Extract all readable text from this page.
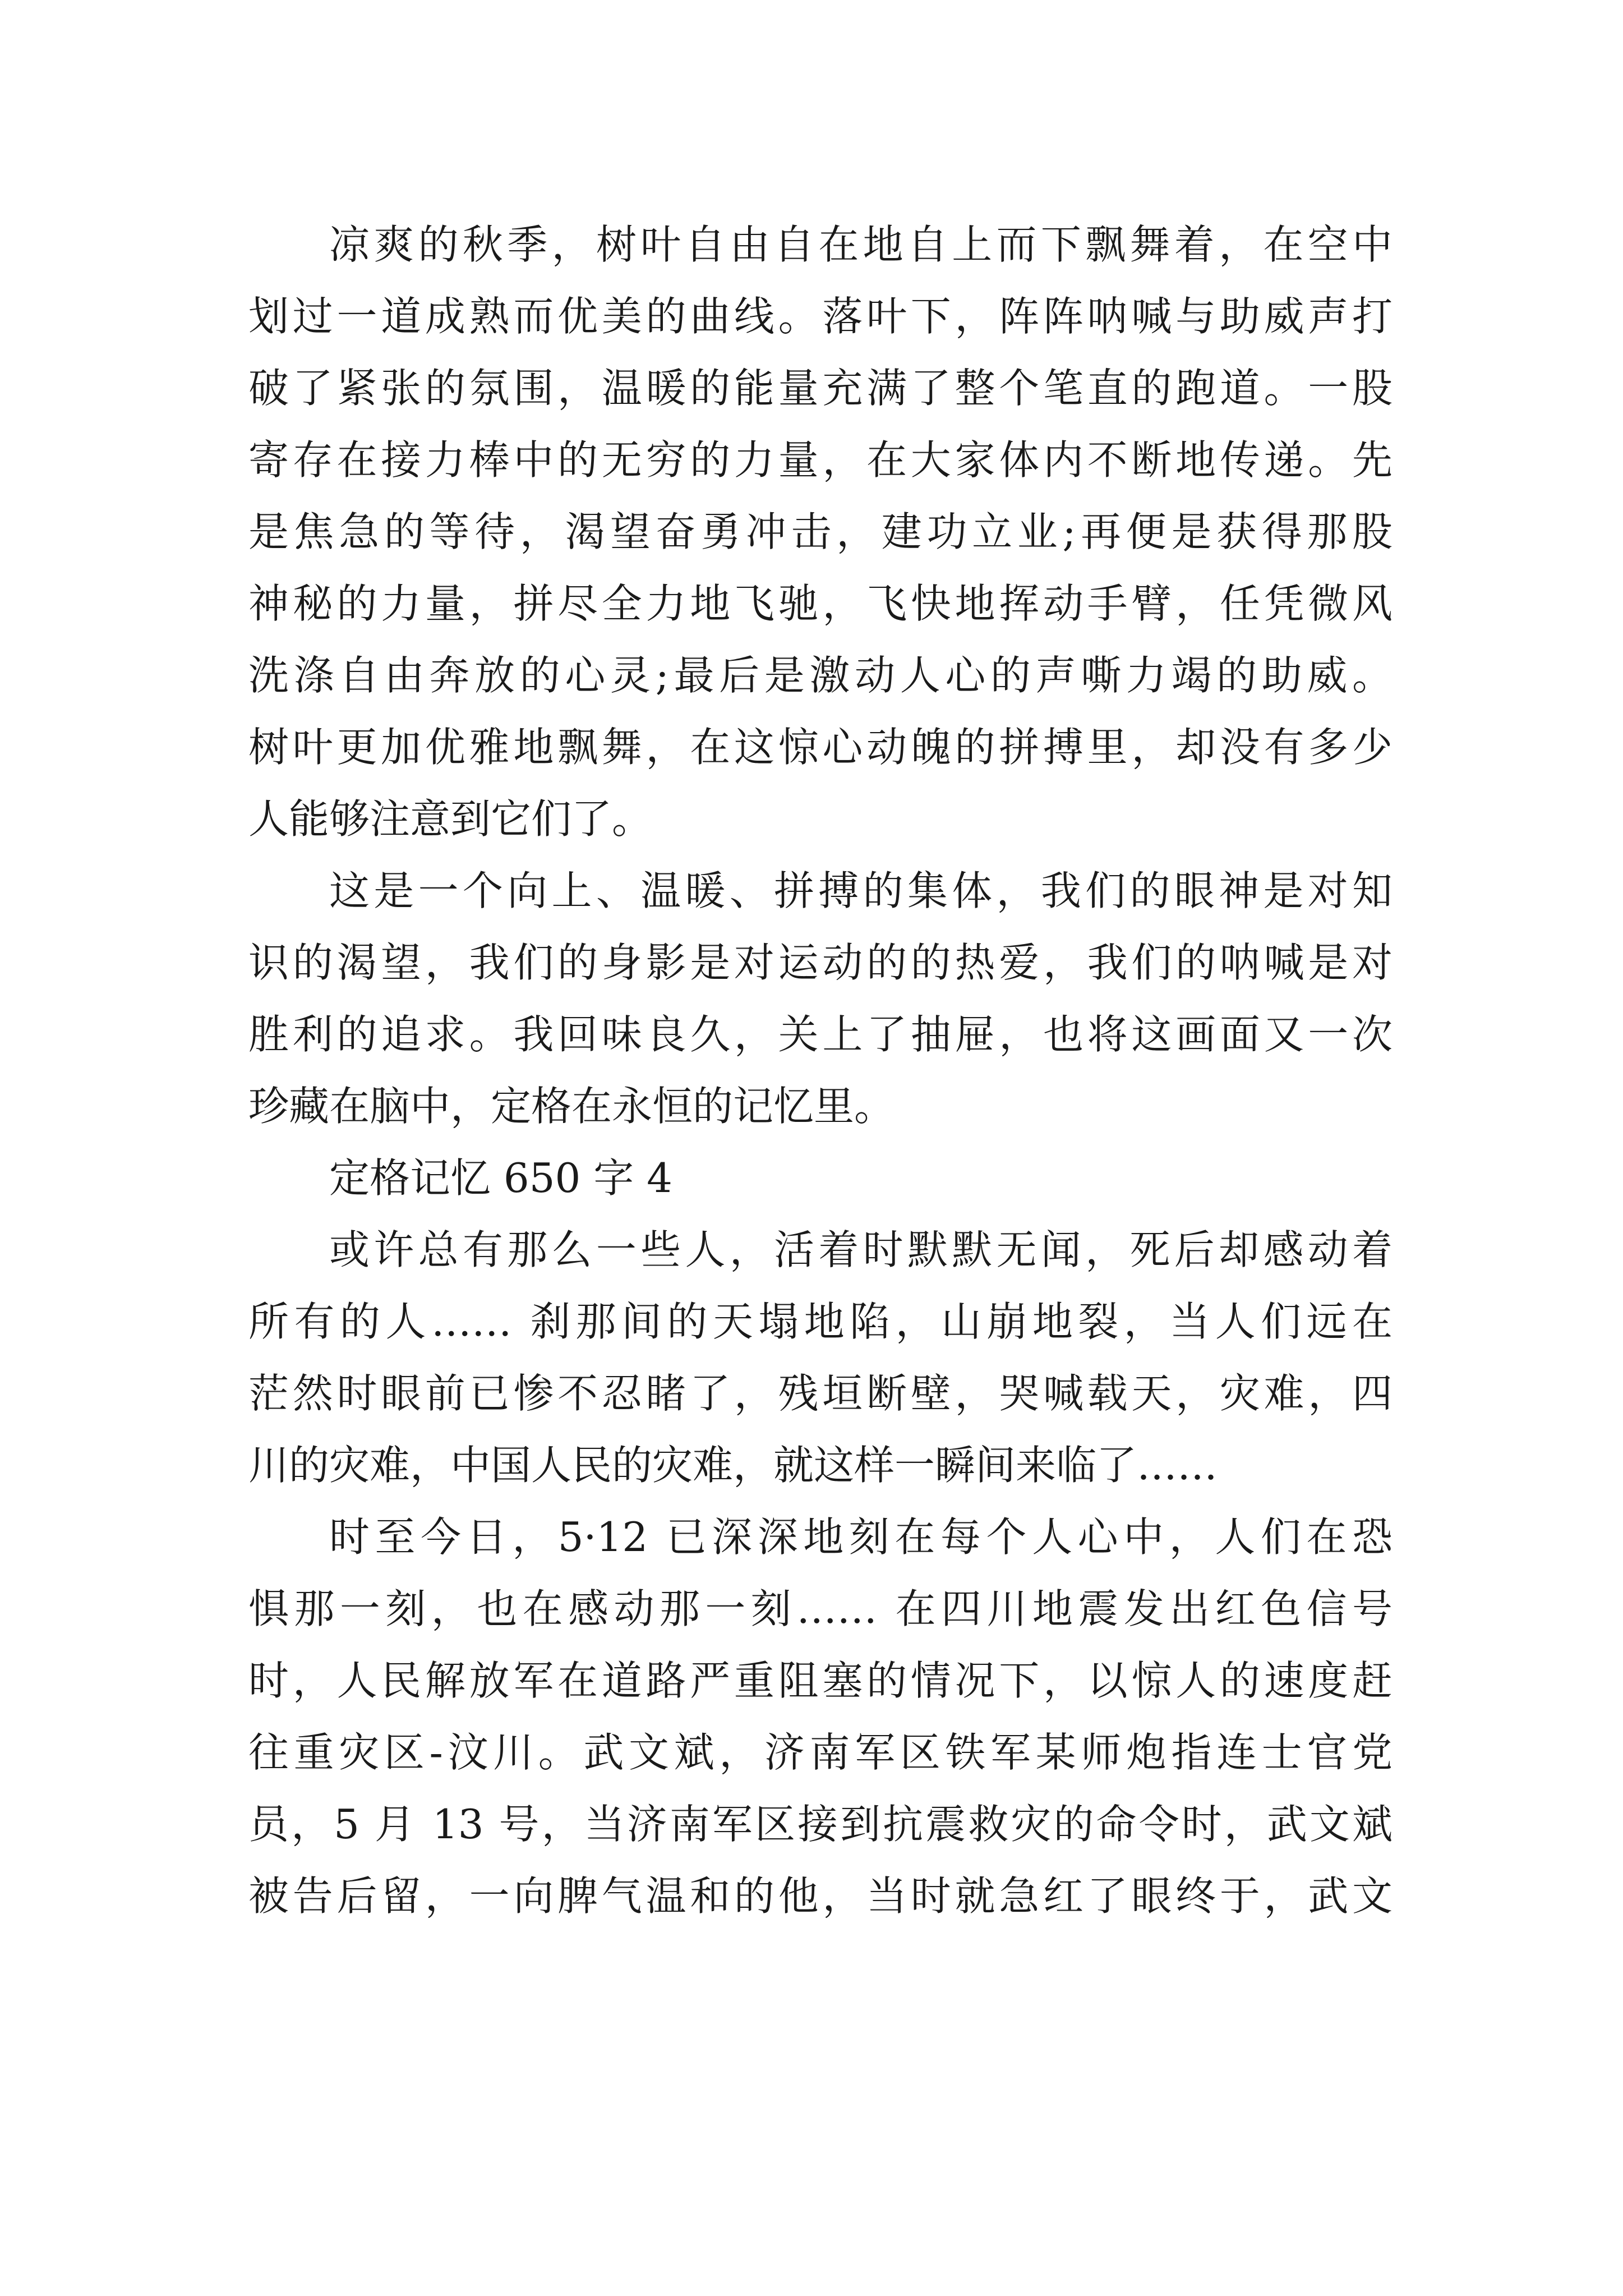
凉爽的秋季，树叶自由自在地自上而下飘舞着，在空中
划过一道成熟而优美的曲线。落叶下，阵阵呐喊与助威声打
破了紧张的氛围，温暖的能量充满了整个笔直的跑道。一股
寄存在接力棒中的无穷的力量，在大家体内不断地传递。先
是焦急的等待，渴望奋勇冲击，建功立业;再便是获得那股
神秘的力量，拼尽全力地飞驰，飞快地挥动手臂，任凭微风
洗涤自由奔放的心灵;最后是激动人心的声嘶力竭的助威。
树叶更加优雅地飘舞，在这惊心动魄的拼搏里，却没有多少
人能够注意到它们了。
这是一个向上、温暖、拼搏的集体，我们的眼神是对知
识的渴望，我们的身影是对运动的的热爱，我们的呐喊是对
胜利的追求。我回味良久，关上了抽屉，也将这画面又一次
珍藏在脑中，定格在永恒的记忆里。
定格记忆 650 字 4
或许总有那么一些人，活着时默默无闻，死后却感动着
所有的人…… 刹那间的天塌地陷，山崩地裂，当人们远在
茫然时眼前已惨不忍睹了，残垣断壁，哭喊载天，灾难，四
川的灾难，中国人民的灾难，就这样一瞬间来临了……
时至今日，5·12 已深深地刻在每个人心中，人们在恐
惧那一刻，也在感动那一刻…… 在四川地震发出红色信号
时，人民解放军在道路严重阻塞的情况下，以惊人的速度赶
往重灾区-汶川。武文斌，济南军区铁军某师炮指连士官党
员，5 月 13 号，当济南军区接到抗震救灾的命令时，武文斌
被告后留，一向脾气温和的他，当时就急红了眼终于，武文
